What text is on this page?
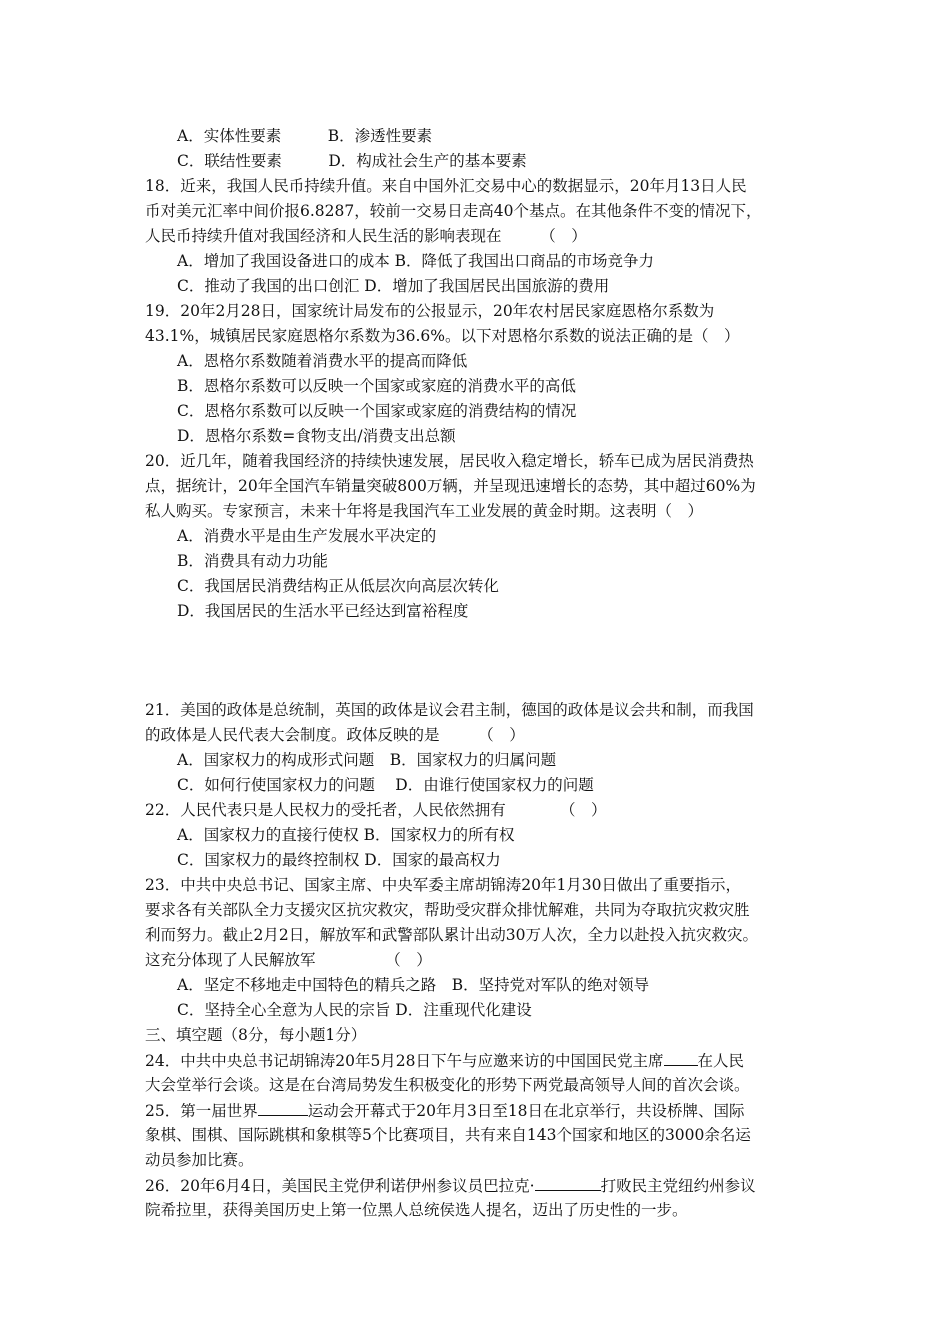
A．实体性要素　　　B．渗透性要素
C．联结性要素　　　D．构成社会生产的基本要素
18．近来，我国人民币持续升值。来自中国外汇交易中心的数据显示，20年月13日人民
币对美元汇率中间价报6.8287，较前一交易日走高40个基点。在其他条件不变的情况下，
人民币持续升值对我国经济和人民生活的影响表现在　　　（　）
A．增加了我国设备进口的成本 B．降低了我国出口商品的市场竞争力
C．推动了我国的出口创汇 D．增加了我国居民出国旅游的费用
19．20年2月28日，国家统计局发布的公报显示，20年农村居民家庭恩格尔系数为
43.1%，城镇居民家庭恩格尔系数为36.6%。以下对恩格尔系数的说法正确的是（　）
A．恩格尔系数随着消费水平的提高而降低
B．恩格尔系数可以反映一个国家或家庭的消费水平的高低
C．恩格尔系数可以反映一个国家或家庭的消费结构的情况
D．恩格尔系数=食物支出/消费支出总额
20．近几年，随着我国经济的持续快速发展，居民收入稳定增长，轿车已成为居民消费热
点，据统计，20年全国汽车销量突破800万辆，并呈现迅速增长的态势，其中超过60%为
私人购买。专家预言，未来十年将是我国汽车工业发展的黄金时期。这表明（　）
A．消费水平是由生产发展水平决定的
B．消费具有动力功能
C．我国居民消费结构正从低层次向高层次转化
D．我国居民的生活水平已经达到富裕程度
21．美国的政体是总统制，英国的政体是议会君主制，德国的政体是议会共和制，而我国
的政体是人民代表大会制度。政体反映的是　　　（　）
A．国家权力的构成形式问题　B．国家权力的归属问题
C．如何行使国家权力的问题　 D．由谁行使国家权力的问题
22．人民代表只是人民权力的受托者，人民依然拥有　　　　（　）
A．国家权力的直接行使权 B．国家权力的所有权
C．国家权力的最终控制权 D．国家的最高权力
23．中共中央总书记、国家主席、中央军委主席胡锦涛20年1月30日做出了重要指示，
要求各有关部队全力支援灾区抗灾救灾，帮助受灾群众排忧解难，共同为夺取抗灾救灾胜
利而努力。截止2月2日，解放军和武警部队累计出动30万人次，全力以赴投入抗灾救灾。
这充分体现了人民解放军　　　　　（　）
A．坚定不移地走中国特色的精兵之路　B．坚持党对军队的绝对领导
C．坚持全心全意为人民的宗旨 D．注重现代化建设
三、填空题（8分，每小题1分）
24．中共中央总书记胡锦涛20年5月28日下午与应邀来访的中国国民党主席 在人民
大会堂举行会谈。这是在台湾局势发生积极变化的形势下两党最高领导人间的首次会谈。
25．第一届世界	运动会开幕式于20年月3日至18日在北京举行，共设桥牌、国际
象棋、围棋、国际跳棋和象棋等5个比赛项目，共有来自143个国家和地区的3000余名运
动员参加比赛。
26．20年6月4日，美国民主党伊利诺伊州参议员巴拉克·	打败民主党纽约州参议
院希拉里，获得美国历史上第一位黑人总统侯选人提名，迈出了历史性的一步。
